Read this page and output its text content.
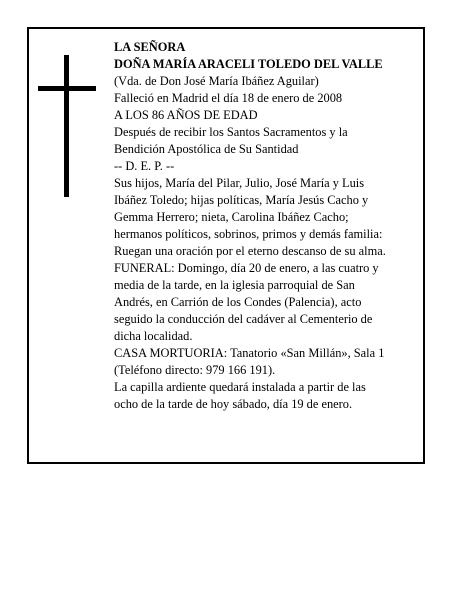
LA SEÑORA
DOÑA MARÍA ARACELI TOLEDO DEL VALLE
(Vda. de Don José María Ibáñez Aguilar)
Falleció en Madrid el día 18 de enero de 2008
A LOS 86 AÑOS DE EDAD
Después de recibir los Santos Sacramentos y la
Bendición Apostólica de Su Santidad
-- D. E. P. --
Sus hijos, María del Pilar, Julio, José María y Luis
Ibáñez Toledo; hijas políticas, María Jesús Cacho y
Gemma Herrero; nieta, Carolina Ibáñez Cacho;
hermanos políticos, sobrinos, primos y demás familia:
Ruegan una oración por el eterno descanso de su alma.
FUNERAL: Domingo, día 20 de enero, a las cuatro y
media de la tarde, en la iglesia parroquial de San
Andrés, en Carrión de los Condes (Palencia), acto
seguido la conducción del cadáver al Cementerio de
dicha localidad.
CASA MORTUORIA: Tanatorio «San Millán», Sala 1
(Teléfono directo: 979 166 191).
La capilla ardiente quedará instalada a partir de las
ocho de la tarde de hoy sábado, día 19 de enero.
